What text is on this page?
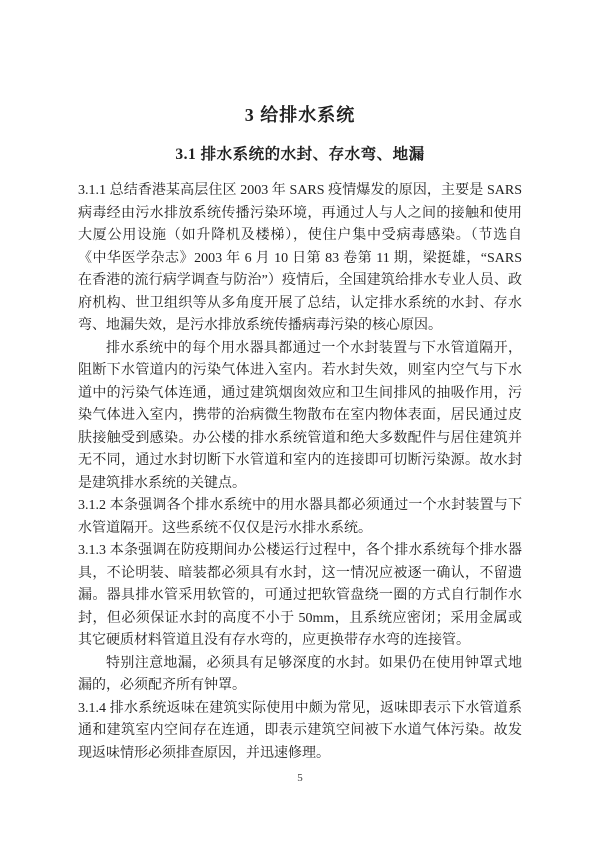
3 给排水系统
3.1 排水系统的水封、存水弯、地漏

3.1.1 总结香港某高层住区 2003 年 SARS 疫情爆发的原因，主要是 SARS 病毒经由污水排放系统传播污染环境，再通过人与人之间的接触和使用大厦公用设施（如升降机及楼梯），使住户集中受病毒感染。（节选自《中华医学杂志》2003 年 6 月 10 日第 83 卷第 11 期，梁挺雄，“SARS 在香港的流行病学调查与防治”）疫情后，全国建筑给排水专业人员、政府机构、世卫组织等从多角度开展了总结，认定排水系统的水封、存水弯、地漏失效，是污水排放系统传播病毒污染的核心原因。

排水系统中的每个用水器具都通过一个水封装置与下水管道隔开，阻断下水管道内的污染气体进入室内。若水封失效，则室内空气与下水道中的污染气体连通，通过建筑烟囱效应和卫生间排风的抽吸作用，污染气体进入室内，携带的治病微生物散布在室内物体表面，居民通过皮肤接触受到感染。办公楼的排水系统管道和绝大多数配件与居住建筑并无不同，通过水封切断下水管道和室内的连接即可切断污染源。故水封是建筑排水系统的关键点。

3.1.2 本条强调各个排水系统中的用水器具都必须通过一个水封装置与下水管道隔开。这些系统不仅仅是污水排水系统。

3.1.3 本条强调在防疫期间办公楼运行过程中，各个排水系统每个排水器具，不论明装、暗装都必须具有水封，这一情况应被逐一确认，不留遗漏。器具排水管采用软管的，可通过把软管盘绕一圈的方式自行制作水封，但必须保证水封的高度不小于 50mm，且系统应密闭；采用金属或其它硬质材料管道且没有存水弯的，应更换带存水弯的连接管。

特别注意地漏，必须具有足够深度的水封。如果仍在使用钟罩式地漏的，必须配齐所有钟罩。

3.1.4 排水系统返味在建筑实际使用中颇为常见，返味即表示下水管道系通和建筑室内空间存在连通，即表示建筑空间被下水道气体污染。故发现返味情形必须排查原因，并迅速修理。

5
